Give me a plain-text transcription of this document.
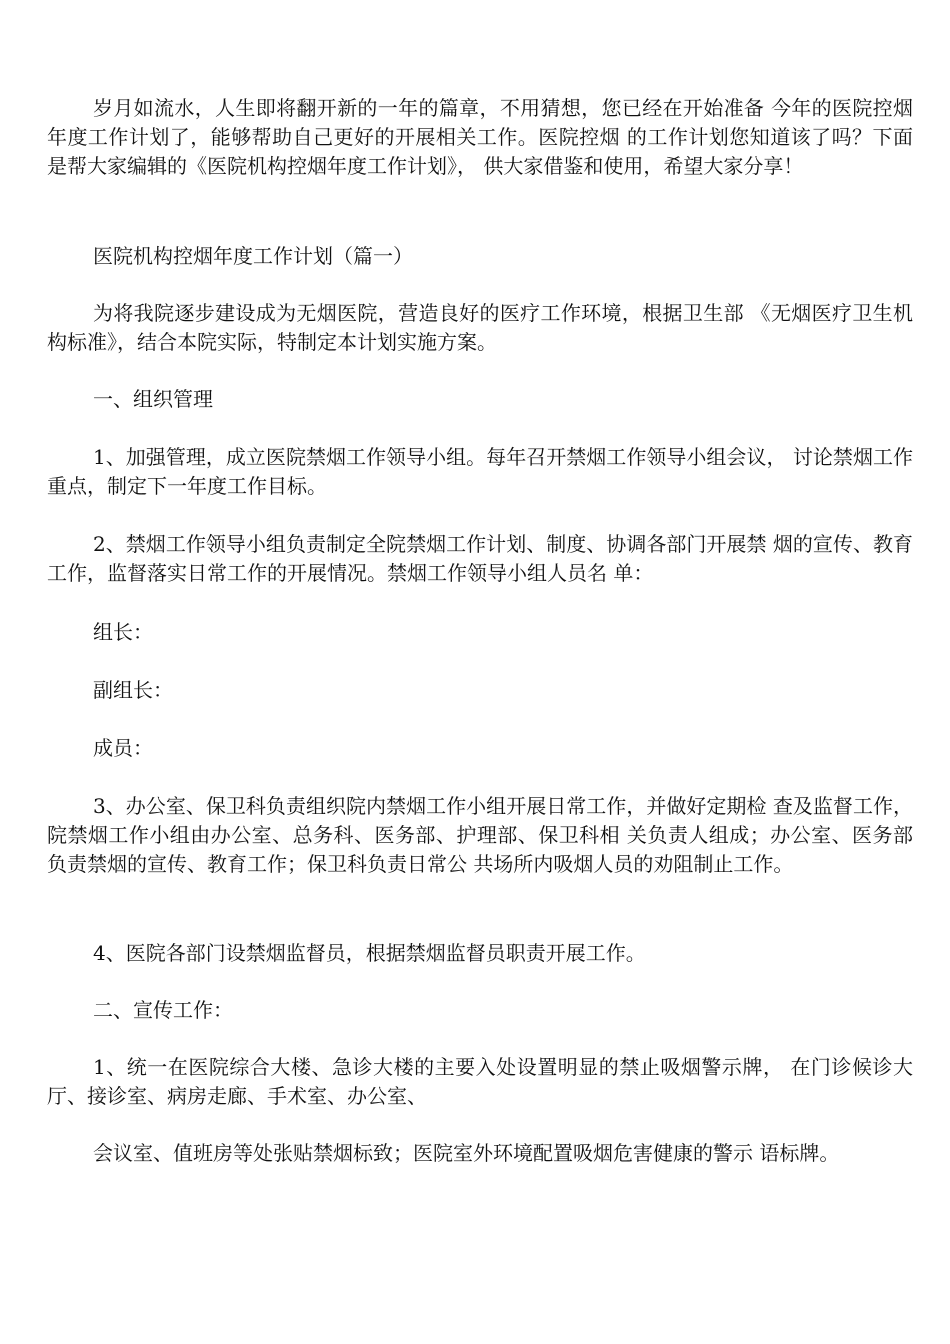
岁月如流水，人生即将翻开新的一年的篇章，不用猜想，您已经在开始准备 今年的医院控烟年度工作计划了，能够帮助自己更好的开展相关工作。医院控烟 的工作计划您知道该了吗？下面是帮大家编辑的《医院机构控烟年度工作计划》， 供大家借鉴和使用，希望大家分享！

医院机构控烟年度工作计划（篇一）

为将我院逐步建设成为无烟医院，营造良好的医疗工作环境，根据卫生部 《无烟医疗卫生机构标准》，结合本院实际，特制定本计划实施方案。

一、组织管理

1、加强管理，成立医院禁烟工作领导小组。每年召开禁烟工作领导小组会议， 讨论禁烟工作重点，制定下一年度工作目标。

2、禁烟工作领导小组负责制定全院禁烟工作计划、制度、协调各部门开展禁 烟的宣传、教育工作，监督落实日常工作的开展情况。禁烟工作领导小组人员名 单：

组长：

副组长：

成员：

3、办公室、保卫科负责组织院内禁烟工作小组开展日常工作，并做好定期检 查及监督工作，院禁烟工作小组由办公室、总务科、医务部、护理部、保卫科相 关负责人组成；办公室、医务部负责禁烟的宣传、教育工作；保卫科负责日常公 共场所内吸烟人员的劝阻制止工作。

4、医院各部门设禁烟监督员，根据禁烟监督员职责开展工作。

二、宣传工作：

1、统一在医院综合大楼、急诊大楼的主要入处设置明显的禁止吸烟警示牌， 在门诊候诊大厅、接诊室、病房走廊、手术室、办公室、

会议室、值班房等处张贴禁烟标致；医院室外环境配置吸烟危害健康的警示 语标牌。
